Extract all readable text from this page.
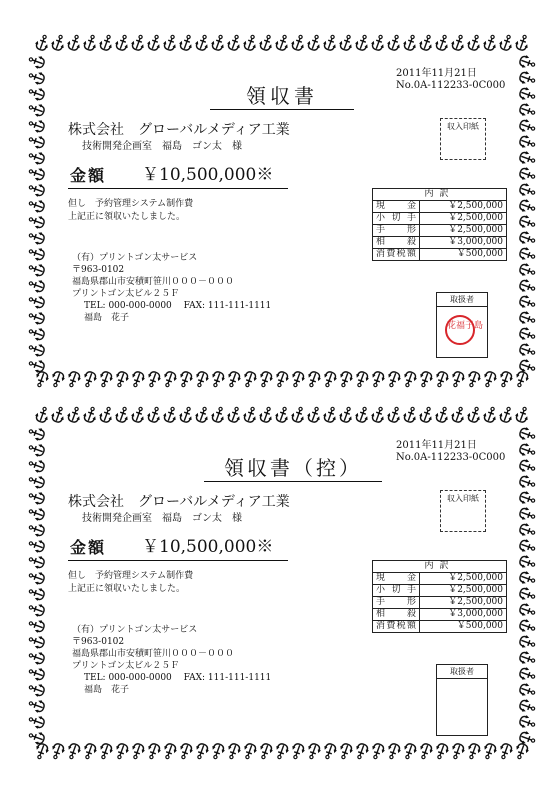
2011年11月21日
No.0A-112233-0C000
領収書
株式会社　グローバルメディア工業
技術開発企画室　福島　ゴン太　様
収入印紙
金額 ￥10,500,000※
但し　予約管理システム制作費
上記正に領収いたしました。
内訳	
現金	￥2,500,000
小切手	￥2,500,000
手形	￥2,500,000
相殺	￥3,000,000
消費税額	￥500,000
（有）プリントゴン太サービス
〒963-0102
福島県郡山市安積町笹川０００－０００
プリントゴン太ビル２５Ｆ
TEL: 000-000-0000　 FAX: 111-111-1111
福島　花子
取扱者
花福子島
2011年11月21日
No.0A-112233-0C000
領収書（控）
株式会社　グローバルメディア工業
技術開発企画室　福島　ゴン太　様
収入印紙
金額 ￥10,500,000※
但し　予約管理システム制作費
上記正に領収いたしました。
内訳	
現金	￥2,500,000
小切手	￥2,500,000
手形	￥2,500,000
相殺	￥3,000,000
消費税額	￥500,000
（有）プリントゴン太サービス
〒963-0102
福島県郡山市安積町笹川０００－０００
プリントゴン太ビル２５Ｆ
TEL: 000-000-0000　 FAX: 111-111-1111
福島　花子
取扱者
